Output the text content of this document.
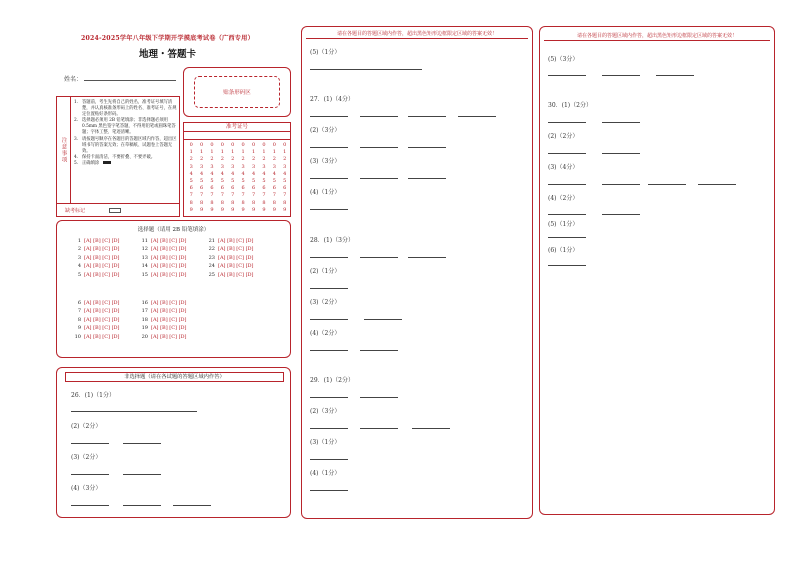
2024-2025学年八年级下学期开学摸底考试卷（广西专用）
地理・答题卡
姓名：
贴条形码区
注意事项
1. 答题前，考生先将自己的姓名，准考证号填写清楚，并认真核准条形码上的姓名、准考证号，在规定位置贴好条形码。
2. 选择题必须用 2B 铅笔填涂；非选择题必须用 0.5mm 黑色签字笔答题，不得用铅笔或圆珠笔答题；字体工整、笔迹清晰。
3. 请按题号顺序在各题目的答题区域内作答，超出区域书写的答案无效；在草稿纸、试题卷上答题无效。
4. 保持卡面清洁，不要折叠、不要弄破。
5. 正确填涂
缺考标记
准考证号
0
1
2
3
4
5
6
7
8
9
0
1
2
3
4
5
6
7
8
9
0
1
2
3
4
5
6
7
8
9
0
1
2
3
4
5
6
7
8
9
0
1
2
3
4
5
6
7
8
9
0
1
2
3
4
5
6
7
8
9
0
1
2
3
4
5
6
7
8
9
0
1
2
3
4
5
6
7
8
9
0
1
2
3
4
5
6
7
8
9
0
1
2
3
4
5
6
7
8
9
选择题（请用 2B 铅笔填涂）
1 [A] [B] [C] [D]
2 [A] [B] [C] [D]
3 [A] [B] [C] [D]
4 [A] [B] [C] [D]
5 [A] [B] [C] [D]
11 [A] [B] [C] [D]
12 [A] [B] [C] [D]
13 [A] [B] [C] [D]
14 [A] [B] [C] [D]
15 [A] [B] [C] [D]
21 [A] [B] [C] [D]
22 [A] [B] [C] [D]
23 [A] [B] [C] [D]
24 [A] [B] [C] [D]
25 [A] [B] [C] [D]
6 [A] [B] [C] [D]
7 [A] [B] [C] [D]
8 [A] [B] [C] [D]
9 [A] [B] [C] [D]
10 [A] [B] [C] [D]
16 [A] [B] [C] [D]
17 [A] [B] [C] [D]
18 [A] [B] [C] [D]
19 [A] [B] [C] [D]
20 [A] [B] [C] [D]
非选择题（请在各试题的答题区域内作答）
26．(1)（1分）
(2)（2分）
(3)（2分）
(4)（3分）
请在各题目的答题区域内作答，超出黑色矩形边框限定区域的答案无效！
(5)（1分）
27．(1)（4分）
(2)（3分）
(3)（3分）
(4)（1分）
28．(1)（3分）
(2)（1分）
(3)（2分）
(4)（2分）
29．(1)（2分）
(2)（3分）
(3)（1分）
(4)（1分）
请在各题目的答题区域内作答，超出黑色矩形边框限定区域的答案无效！
(5)（3分）
30．(1)（2分）
(2)（2分）
(3)（4分）
(4)（2分）
(5)（1分）
(6)（1分）
